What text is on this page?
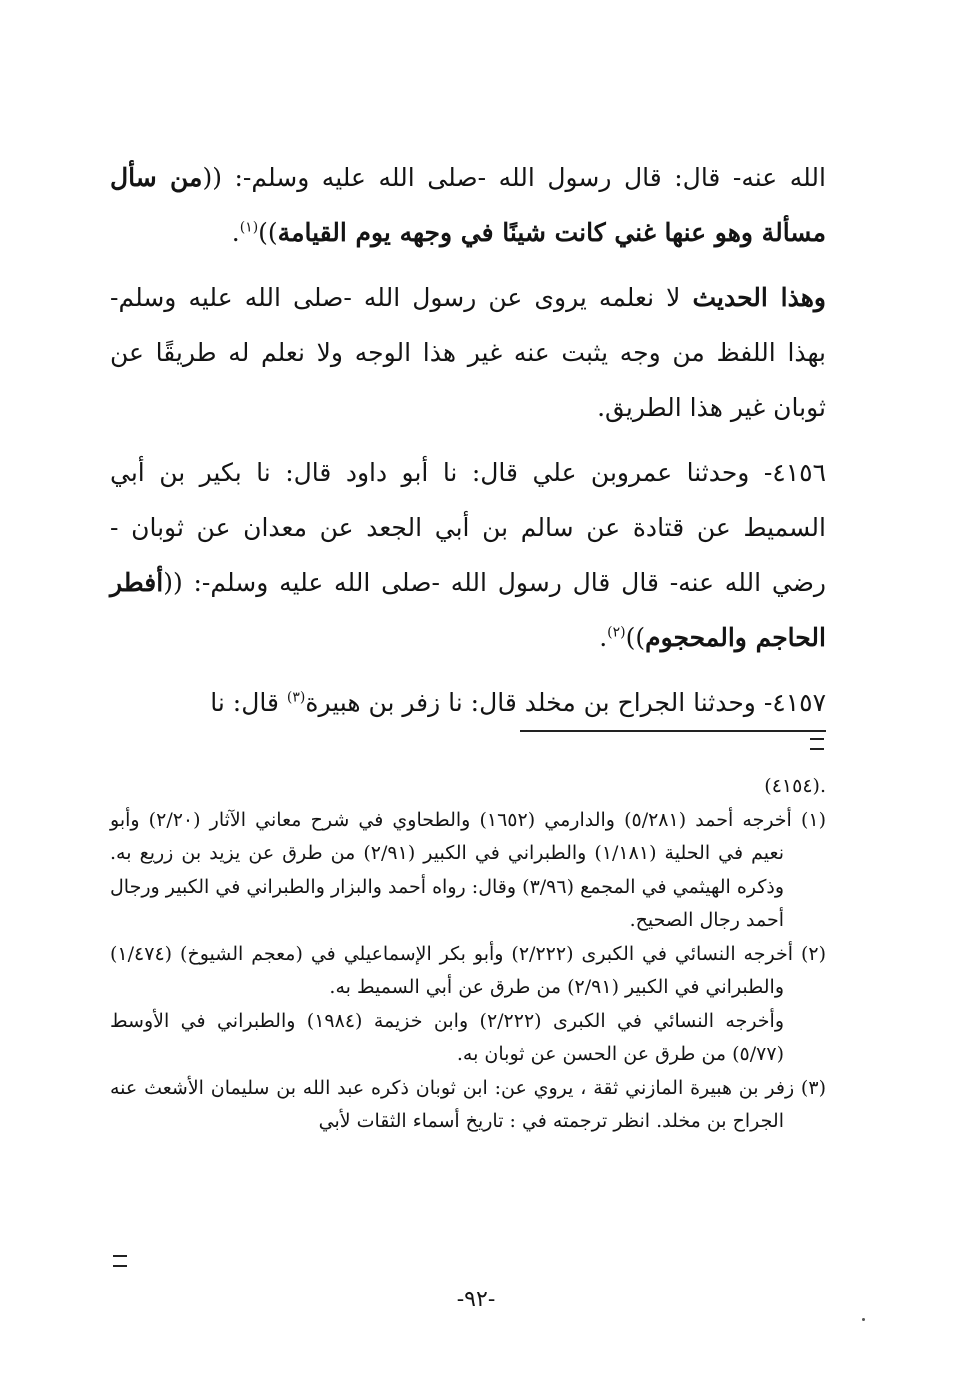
الله عنه- قال: قال رسول الله -صلى الله عليه وسلم-: ((من سأل مسألة وهو عنها غني كانت شينًا في وجهه يوم القيامة))$^{(١)}$.

وهذا الحديث لا نعلمه يروى عن رسول الله -صلى الله عليه وسلم- بهذا اللفظ من وجه يثبت عنه غير هذا الوجه ولا نعلم له طريقًا عن ثوبان غير هذا الطريق.

٤١٥٦- وحدثنا عمروبن علي قال: نا أبو داود قال: نا بكير بن أبي السميط عن قتادة عن سالم بن أبي الجعد عن معدان عن ثوبان - رضي الله عنه- قال قال رسول الله -صلى الله عليه وسلم-: ((أفطر الحاجم والمحجوم))$^{(٢)}$.

٤١٥٧- وحدثنا الجراح بن مخلد قال: نا زفر بن هبيرة$^{(٣)}$ قال: نا

.(٤١٥٤)

(١) أخرجه أحمد (٥/٢٨١) والدارمي (١٦٥٢) والطحاوي في شرح معاني الآثار (٢/٢٠) وأبو نعيم في الحلية (١/١٨١) والطبراني في الكبير (٢/٩١) من طرق عن يزيد بن زريع به. وذكره الهيثمي في المجمع (٣/٩٦) وقال: رواه أحمد والبزار والطبراني في الكبير ورجال أحمد رجال الصحيح.

(٢) أخرجه النسائي في الكبرى (٢/٢٢٢) وأبو بكر الإسماعيلي في (معجم الشيوخ) (١/٤٧٤) والطبراني في الكبير (٢/٩١) من طرق عن أبي السميط به.

وأخرجه النسائي في الكبرى (٢/٢٢٢) وابن خزيمة (١٩٨٤) والطبراني في الأوسط (٥/٧٧) من طرق عن الحسن عن ثوبان به.

(٣) زفر بن هبيرة المازني ثقة ، يروي عن: ابن ثوبان ذكره عبد الله بن سليمان الأشعث عنه الجراح بن مخلد. انظر ترجمته في : تاريخ أسماء الثقات لأبي

-٩٢-
